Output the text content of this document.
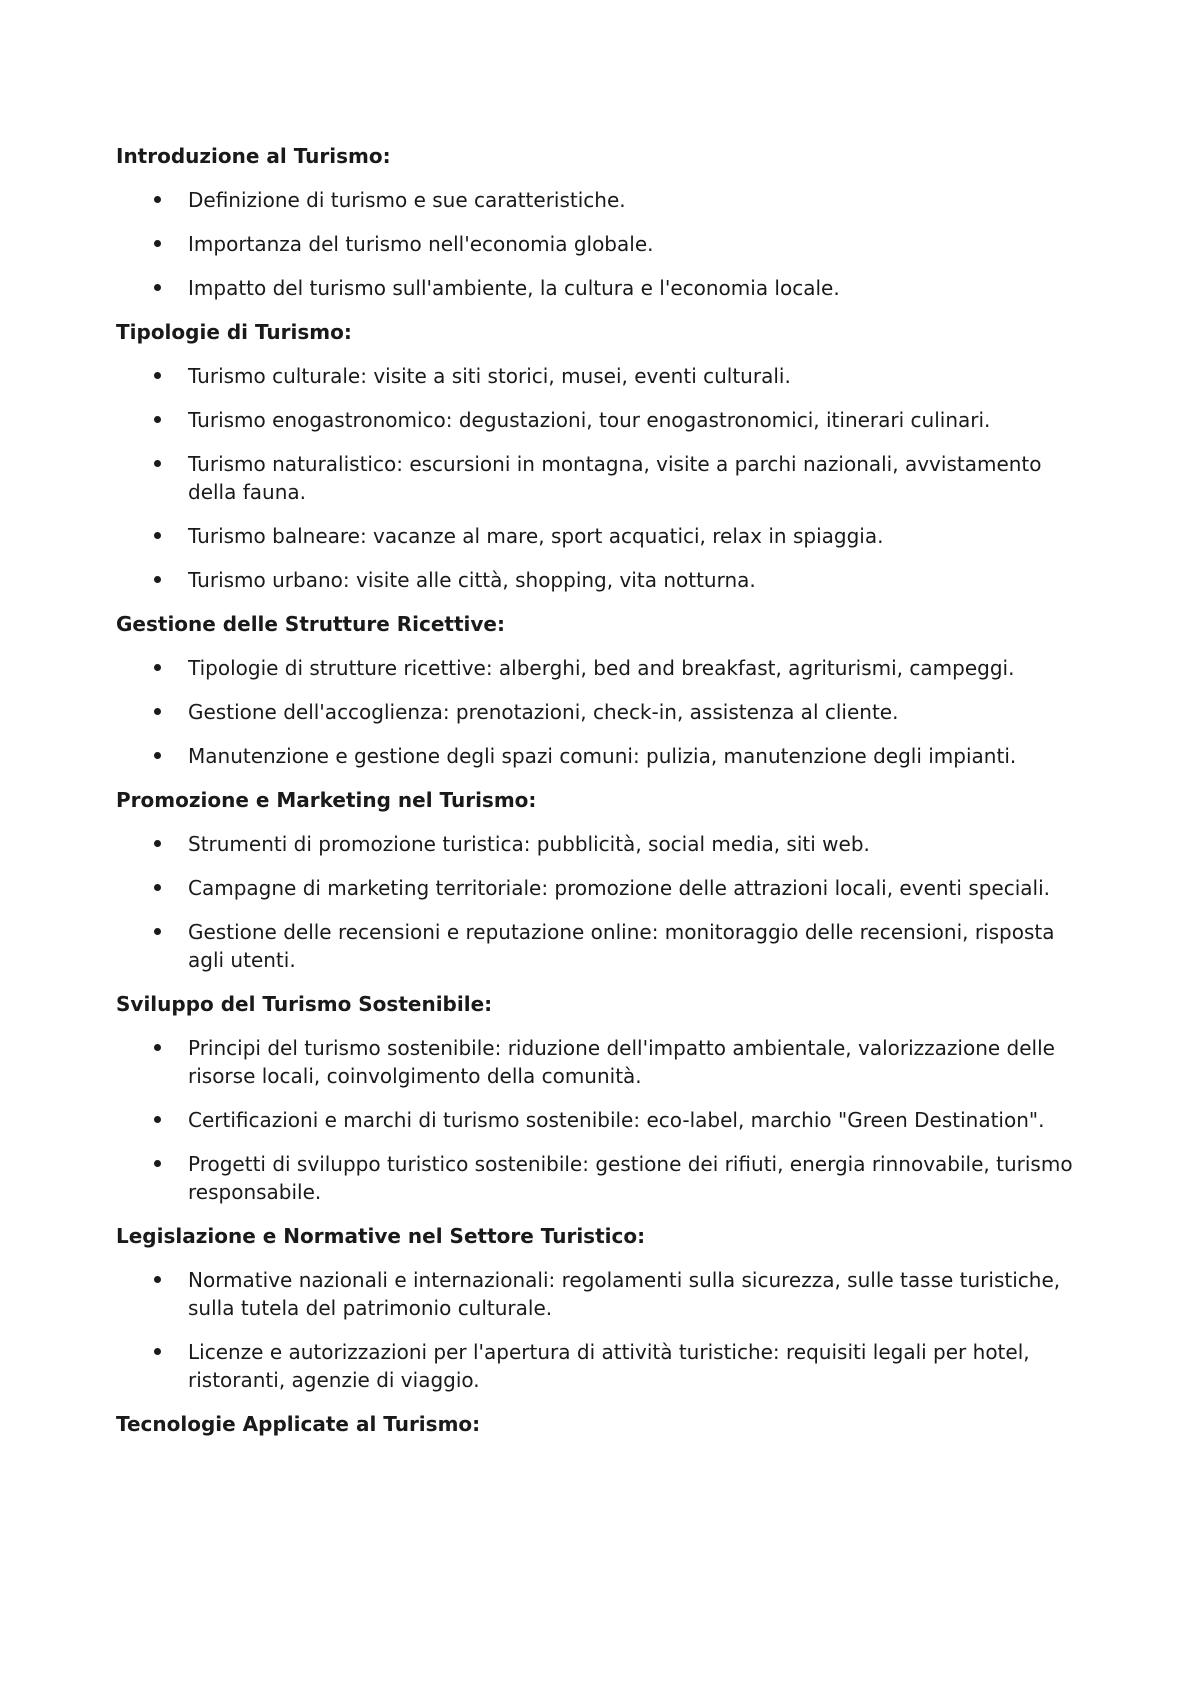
Introduzione al Turismo:
Definizione di turismo e sue caratteristiche.
Importanza del turismo nell'economia globale.
Impatto del turismo sull'ambiente, la cultura e l'economia locale.
Tipologie di Turismo:
Turismo culturale: visite a siti storici, musei, eventi culturali.
Turismo enogastronomico: degustazioni, tour enogastronomici, itinerari culinari.
Turismo naturalistico: escursioni in montagna, visite a parchi nazionali, avvistamento della fauna.
Turismo balneare: vacanze al mare, sport acquatici, relax in spiaggia.
Turismo urbano: visite alle città, shopping, vita notturna.
Gestione delle Strutture Ricettive:
Tipologie di strutture ricettive: alberghi, bed and breakfast, agriturismi, campeggi.
Gestione dell'accoglienza: prenotazioni, check-in, assistenza al cliente.
Manutenzione e gestione degli spazi comuni: pulizia, manutenzione degli impianti.
Promozione e Marketing nel Turismo:
Strumenti di promozione turistica: pubblicità, social media, siti web.
Campagne di marketing territoriale: promozione delle attrazioni locali, eventi speciali.
Gestione delle recensioni e reputazione online: monitoraggio delle recensioni, risposta agli utenti.
Sviluppo del Turismo Sostenibile:
Principi del turismo sostenibile: riduzione dell'impatto ambientale, valorizzazione delle risorse locali, coinvolgimento della comunità.
Certificazioni e marchi di turismo sostenibile: eco-label, marchio "Green Destination".
Progetti di sviluppo turistico sostenibile: gestione dei rifiuti, energia rinnovabile, turismo responsabile.
Legislazione e Normative nel Settore Turistico:
Normative nazionali e internazionali: regolamenti sulla sicurezza, sulle tasse turistiche, sulla tutela del patrimonio culturale.
Licenze e autorizzazioni per l'apertura di attività turistiche: requisiti legali per hotel, ristoranti, agenzie di viaggio.
Tecnologie Applicate al Turismo:
